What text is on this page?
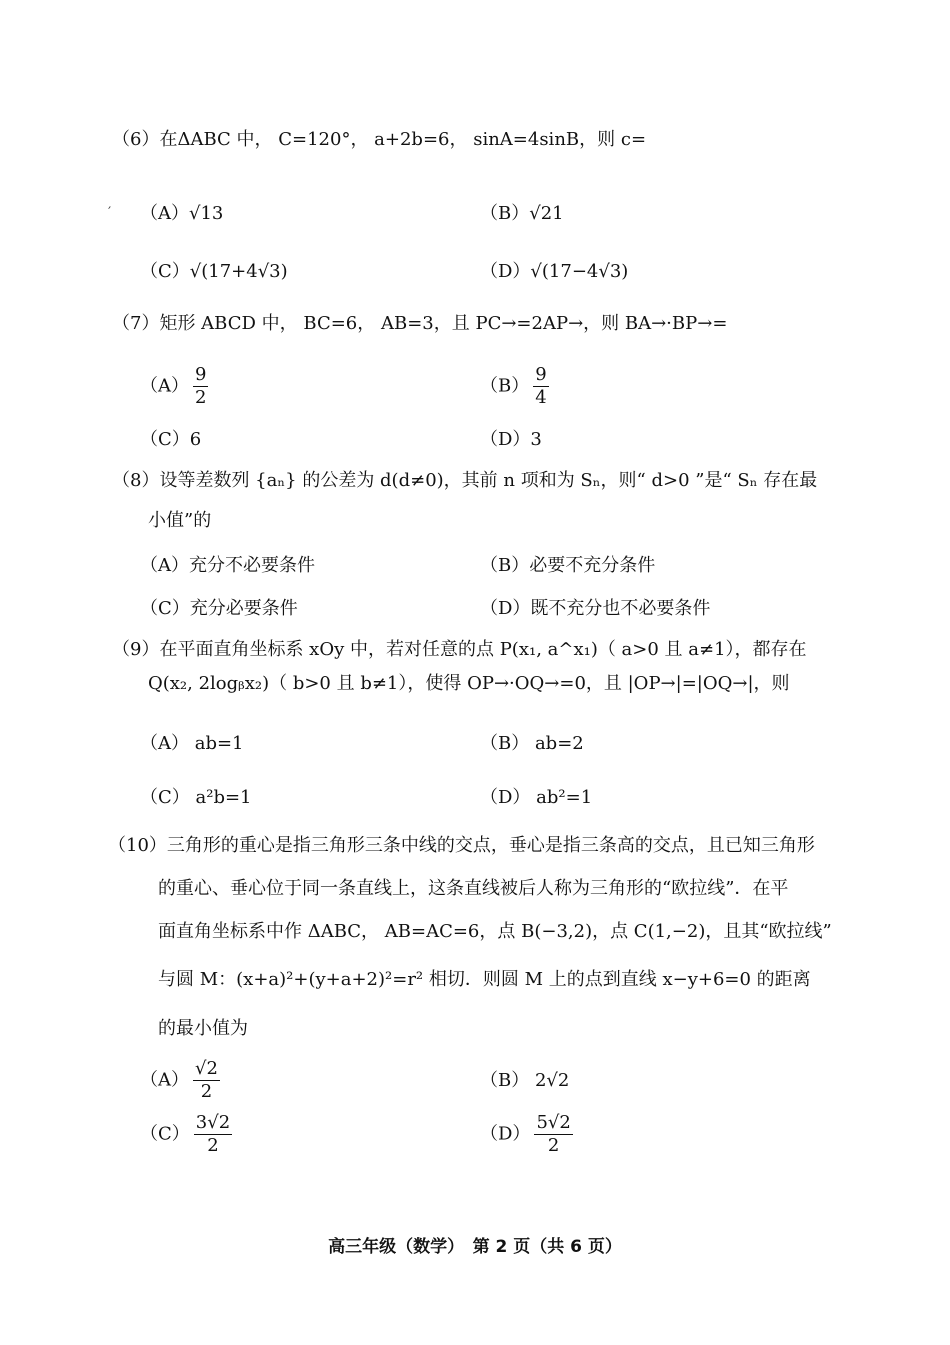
（6）在ΔABC 中， C=120°， a+2b=6， sinA=4sinB，则 c=
′ （A）√13	（B）√21
（C）√(17+4√3)	（D）√(17−4√3)
（7）矩形 ABCD 中， BC=6， AB=3，且 PC→=2AP→，则 BA→·BP→=
$(A) \frac{9}{2}$	$(B) \frac{9}{4}$
（C）6	（D）3
（8）设等差数列 {aₙ} 的公差为 d(d≠0)，其前 n 项和为 Sₙ，则“ d>0 ”是“ Sₙ 存在最
小值”的
（A）充分不必要条件	（B）必要不充分条件
（C）充分必要条件	（D）既不充分也不必要条件
（9）在平面直角坐标系 xOy 中，若对任意的点 P(x₁, a^x₁)（ a>0 且 a≠1），都存在
Q(x₂, 2logᵦx₂)（ b>0 且 b≠1），使得 OP→·OQ→=0，且 |OP→|=|OQ→|，则
（A） ab=1	（B） ab=2
（C） a²b=1	（D） ab²=1
（10）三角形的重心是指三角形三条中线的交点，垂心是指三条高的交点，且已知三角形
的重心、垂心位于同一条直线上，这条直线被后人称为三角形的“欧拉线”．在平
面直角坐标系中作 ΔABC， AB=AC=6，点 B(−3,2)，点 C(1,−2)，且其“欧拉线”
与圆 M：(x+a)²+(y+a+2)²=r² 相切．则圆 M 上的点到直线 x−y+6=0 的距离
的最小值为
$(A) \frac{√2}{2}$	（B） 2√2
$(C) \frac{3√2}{2}$	$(D) \frac{5√2}{2}$
高三年级（数学）　第 2 页（共 6 页）
